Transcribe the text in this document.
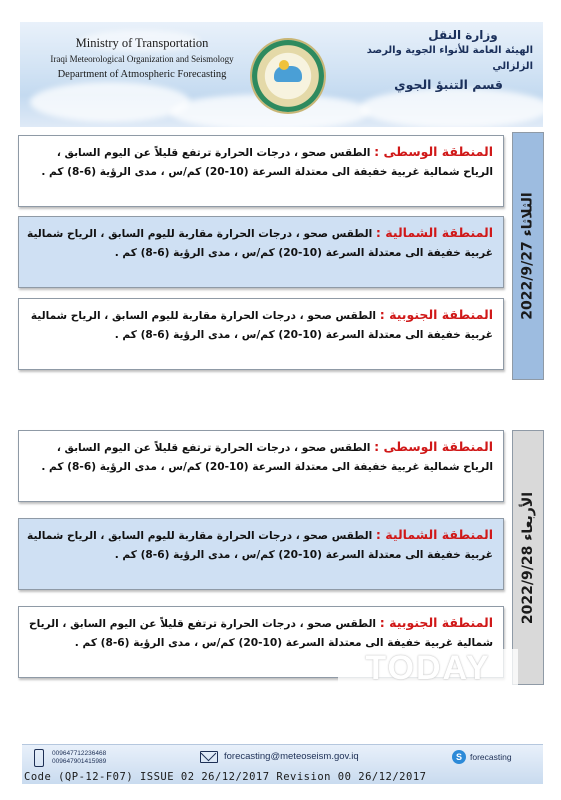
Ministry of Transportation
Iraqi Meteorological Organization and Seismology
Department of Atmospheric Forecasting
وزارة النقل
الهيئة العامة للأنواء الجوية والرصد الزلزالي
قسم التنبؤ الجوي
المنطقة الوسطى : الطقس صحو ، درجات الحرارة ترتفع قليلاً عن اليوم السابق ، الرياح شمالية غربية خفيفة الى معتدلة السرعة (10-20) كم/س ، مدى الرؤية (6-8) كم .
المنطقة الشمالية : الطقس صحو ، درجات الحرارة مقاربة لليوم السابق ، الرياح شمالية غربية خفيفة الى معتدلة السرعة (10-20) كم/س ، مدى الرؤية (6-8) كم .
المنطقة الجنوبية : الطقس صحو ، درجات الحرارة مقاربة لليوم السابق ، الرياح شمالية غربية خفيفة الى معتدلة السرعة (10-20) كم/س ، مدى الرؤية (6-8) كم .
الثلاثاء 2022/9/27
المنطقة الوسطى : الطقس صحو ، درجات الحرارة ترتفع قليلاً عن اليوم السابق ، الرياح شمالية غربية خفيفة الى معتدلة السرعة (10-20) كم/س ، مدى الرؤية (6-8) كم .
المنطقة الشمالية : الطقس صحو ، درجات الحرارة مقاربة لليوم السابق ، الرياح شمالية غربية خفيفة الى معتدلة السرعة (10-20) كم/س ، مدى الرؤية (6-8) كم .
المنطقة الجنوبية : الطقس صحو ، درجات الحرارة ترتفع قليلاً عن اليوم السابق ، الرياح شمالية غربية خفيفة الى معتدلة السرعة (10-20) كم/س ، مدى الرؤية (6-8) كم .
الأربعاء 2022/9/28
TODAY
009647712236468
009647901415989	forecasting@meteoseism.gov.iq	S forecasting
Code (QP-12-F07) ISSUE 02 26/12/2017 Revision 00 26/12/2017
